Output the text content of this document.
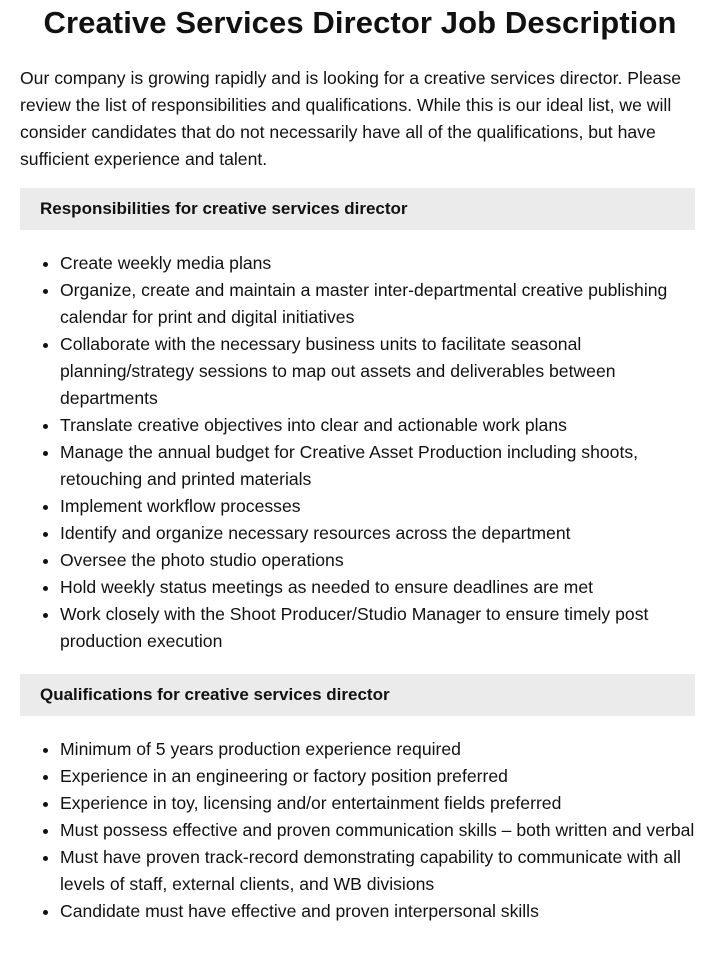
Creative Services Director Job Description

Our company is growing rapidly and is looking for a creative services director. Please review the list of responsibilities and qualifications. While this is our ideal list, we will consider candidates that do not necessarily have all of the qualifications, but have sufficient experience and talent.

Responsibilities for creative services director
• Create weekly media plans
• Organize, create and maintain a master inter-departmental creative publishing calendar for print and digital initiatives
• Collaborate with the necessary business units to facilitate seasonal planning/strategy sessions to map out assets and deliverables between departments
• Translate creative objectives into clear and actionable work plans
• Manage the annual budget for Creative Asset Production including shoots, retouching and printed materials
• Implement workflow processes
• Identify and organize necessary resources across the department
• Oversee the photo studio operations
• Hold weekly status meetings as needed to ensure deadlines are met
• Work closely with the Shoot Producer/Studio Manager to ensure timely post production execution
Qualifications for creative services director
• Minimum of 5 years production experience required
• Experience in an engineering or factory position preferred
• Experience in toy, licensing and/or entertainment fields preferred
• Must possess effective and proven communication skills – both written and verbal
• Must have proven track-record demonstrating capability to communicate with all levels of staff, external clients, and WB divisions
• Candidate must have effective and proven interpersonal skills
